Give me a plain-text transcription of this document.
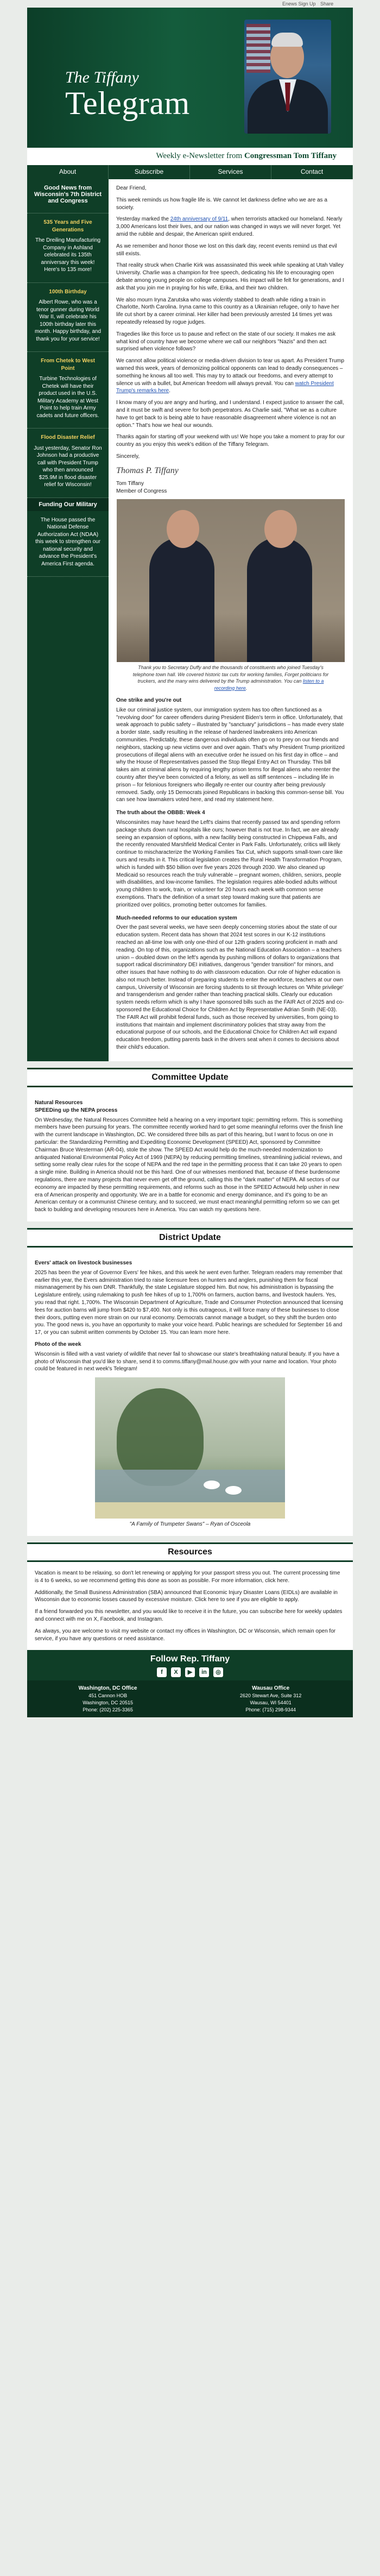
Enews Sign Up Share
The Tiffany
Telegram
Weekly e-Newsletter from Congressman Tom Tiffany
About	Subscribe	Services	Contact
Good News from Wisconsin's 7th District and Congress

535 Years and Five Generations

The Dreiling Manufacturing Company in Ashland celebrated its 135th anniversary this week! Here's to 135 more!

100th Birthday

Albert Rowe, who was a tenor gunner during World War II, will celebrate his 100th birthday later this month. Happy birthday, and thank you for your service!

From Chetek to West Point

Turbine Technologies of Chetek will have their product used in the U.S. Military Academy at West Point to help train Army cadets and future officers.

Flood Disaster Relief

Just yesterday, Senator Ron Johnson had a productive call with President Trump who then announced $25.9M in flood disaster relief for Wisconsin!

Funding Our Military

The House passed the National Defense Authorization Act (NDAA) this week to strengthen our national security and advance the President's America First agenda.

Dear Friend,

This week reminds us how fragile life is. We cannot let darkness define who we are as a society.

Yesterday marked the 24th anniversary of 9/11, when terrorists attacked our homeland. Nearly 3,000 Americans lost their lives, and our nation was changed in ways we will never forget. Yet amid the rubble and despair, the American spirit endured.

As we remember and honor those we lost on this dark day, recent events remind us that evil still exists.

That reality struck when Charlie Kirk was assassinated this week while speaking at Utah Valley University. Charlie was a champion for free speech, dedicating his life to encouraging open debate among young people on college campuses. His impact will be felt for generations, and I ask that you join me in praying for his wife, Erika, and their two children.

We also mourn Iryna Zarutska who was violently stabbed to death while riding a train in Charlotte, North Carolina. Iryna came to this country as a Ukrainian refugee, only to have her life cut short by a career criminal. Her killer had been previously arrested 14 times yet was repeatedly released by rogue judges.

Tragedies like this force us to pause and reflect on the state of our society. It makes me ask what kind of country have we become where we call our neighbors "Nazis" and then act surprised when violence follows?

We cannot allow political violence or media-driven division to tear us apart. As President Trump warned this week, years of demonizing political opponents can lead to deadly consequences – something he knows all too well. This may try to attack our freedoms, and every attempt to silence us with a bullet, but American freedom will always prevail. You can watch President Trump's remarks here.

I know many of you are angry and hurting, and I understand. I expect justice to answer the call, and it must be swift and severe for both perpetrators. As Charlie said, "What we as a culture have to get back to is being able to have reasonable disagreement where violence is not an option." That's how we heal our wounds.

Thanks again for starting off your weekend with us! We hope you take a moment to pray for our country as you enjoy this week's edition of the Tiffany Telegram.

Sincerely,

Thomas P. Tiffany

Tom Tiffany
Member of Congress

Thank you to Secretary Duffy and the thousands of constituents who joined Tuesday's telephone town hall. We covered historic tax cuts for working families, Forget politicians for truckers, and the many wins delivered by the Trump administration. You can listen to a recording here.

One strike and you're out

Like our criminal justice system, our immigration system has too often functioned as a "revolving door" for career offenders during President Biden's term in office. Unfortunately, that weak approach to public safety – illustrated by "sanctuary" jurisdictions – has made every state a border state, sadly resulting in the release of hardened lawbreakers into American communities. Predictably, these dangerous individuals often go on to prey on our friends and neighbors, stacking up new victims over and over again. That's why President Trump prioritized prosecutions of illegal aliens with an executive order he issued on his first day in office – and why the House of Representatives passed the Stop Illegal Entry Act on Thursday. This bill takes aim at criminal aliens by requiring lengthy prison terms for illegal aliens who reenter the country after they've been convicted of a felony, as well as stiff sentences – including life in prison – for felonious foreigners who illegally re-enter our country after being previously removed. Sadly, only 15 Democrats joined Republicans in backing this common-sense bill. You can see how lawmakers voted here, and read my statement here.

The truth about the OBBB: Week 4

Wisconsinites may have heard the Left's claims that recently passed tax and spending reform package shuts down rural hospitals like ours; however that is not true. In fact, we are already seeing an expansion of options, with a new facility being constructed in Chippewa Falls, and the recently renovated Marshfield Medical Center in Park Falls. Unfortunately, critics will likely continue to mischaracterize the Working Families Tax Cut, which supports small-town care like ours and results in it. This critical legislation creates the Rural Health Transformation Program, which is funded with $50 billion over five years 2026 through 2030. We also cleaned up Medicaid so resources reach the truly vulnerable – pregnant women, children, seniors, people with disabilities, and low-income families. The legislation requires able-bodied adults without young children to work, train, or volunteer for 20 hours each week with common sense exemptions. That's the definition of a smart step toward making sure that patients are prioritized over politics, promoting better outcomes for families.

Much-needed reforms to our education system

Over the past several weeks, we have seen deeply concerning stories about the state of our education system. Recent data has shown that 2024 test scores in our K-12 institutions reached an all-time low with only one-third of our 12th graders scoring proficient in math and reading. On top of this, organizations such as the National Education Association – a teachers union – doubled down on the left's agenda by pushing millions of dollars to organizations that support radical discriminatory DEI initiatives, dangerous "gender transition" for minors, and other issues that have nothing to do with classroom education. Our role of higher education is also not much better. Instead of preparing students to enter the workforce, teachers at our own campus, University of Wisconsin are forcing students to sit through lectures on 'White privilege' and transgenderism and gender rather than teaching practical skills. Clearly our education system needs reform which is why I have sponsored bills such as the FAIR Act of 2025 and co-sponsored the Educational Choice for Children Act by Representative Adrian Smith (NE-03). The FAIR Act will prohibit federal funds, such as those received by universities, from going to institutions that maintain and implement discriminatory policies that stray away from the educational purpose of our schools, and the Educational Choice for Children Act will expand education freedom, putting parents back in the drivers seat when it comes to decisions about their child's education.

Committee Update
Natural Resources
SPEEDing up the NEPA process

On Wednesday, the Natural Resources Committee held a hearing on a very important topic: permitting reform. This is something members have been pursuing for years. The committee recently worked hard to get some meaningful reforms over the finish line with the current landscape in Washington, DC. We considered three bills as part of this hearing, but I want to focus on one in particular: the Standardizing Permitting and Expediting Economic Development (SPEED) Act, sponsored by Committee Chairman Bruce Westerman (AR-04), stole the show. The SPEED Act would help do the much-needed modernization to antiquated National Environmental Policy Act of 1969 (NEPA) by reducing permitting timelines, streamlining judicial reviews, and setting some really clear rules for the scope of NEPA and the red tape in the permitting process that it can take 20 years to open a single mine. Building in America should not be this hard. One of our witnesses mentioned that, because of these burdensome regulations, there are many projects that never even get off the ground, calling this the "dark matter" of NEPA. All sectors of our economy are impacted by these permitting requirements, and reforms such as those in the SPEED Actwould help usher in new era of American prosperity and opportunity. We are in a battle for economic and energy dominance, and it's going to be an American century or a communist Chinese century, and to succeed, we must enact meaningful permitting reform so we can get back to building and developing resources here in America. You can watch my questions here.

District Update
Evers' attack on livestock businesses

2025 has been the year of Governor Evers' fee hikes, and this week he went even further. Telegram readers may remember that earlier this year, the Evers administration tried to raise licensure fees on hunters and anglers, punishing them for fiscal mismanagement by his own DNR. Thankfully, the state Legislature stopped him. But now, his administration is bypassing the Legislature entirely, using rulemaking to push fee hikes of up to 1,700% on farmers, auction barns, and livestock haulers. Yes, you read that right. 1,700%. The Wisconsin Department of Agriculture, Trade and Consumer Protection announced that licensing fees for auction barns will jump from $420 to $7,400. Not only is this outrageous, it will force many of these businesses to close their doors, putting even more strain on our rural economy. Democrats cannot manage a budget, so they shift the burden onto you. The good news is, you have an opportunity to make your voice heard. Public hearings are scheduled for September 16 and 17, or you can submit written comments by October 15. You can learn more here.

Photo of the week

Wisconsin is filled with a vast variety of wildlife that never fail to showcase our state's breathtaking natural beauty. If you have a photo of Wisconsin that you'd like to share, send it to comms.tiffany@mail.house.gov with your name and location. Your photo could be featured in next week's Telegram!

"A Family of Trumpeter Swans" – Ryan of Osceola

Resources

Vacation is meant to be relaxing, so don't let renewing or applying for your passport stress you out. The current processing time is 4 to 6 weeks, so we recommend getting this done as soon as possible. For more information, click here.

Additionally, the Small Business Administration (SBA) announced that Economic Injury Disaster Loans (EIDLs) are available in Wisconsin due to economic losses caused by excessive moisture. Click here to see if you are eligible to apply.

If a friend forwarded you this newsletter, and you would like to receive it in the future, you can subscribe here for weekly updates and connect with me on X, Facebook, and Instagram.

As always, you are welcome to visit my website or contact my offices in Washington, DC or Wisconsin, which remain open for service, if you have any questions or need assistance.

Follow Rep. Tiffany
f	X	▶	in	◎
Washington, DC Office
451 Cannon HOB
Washington, DC 20515
Phone: (202) 225-3365
Wausau Office
2620 Stewart Ave, Suite 312
Wausau, WI 54401
Phone: (715) 298-9344
